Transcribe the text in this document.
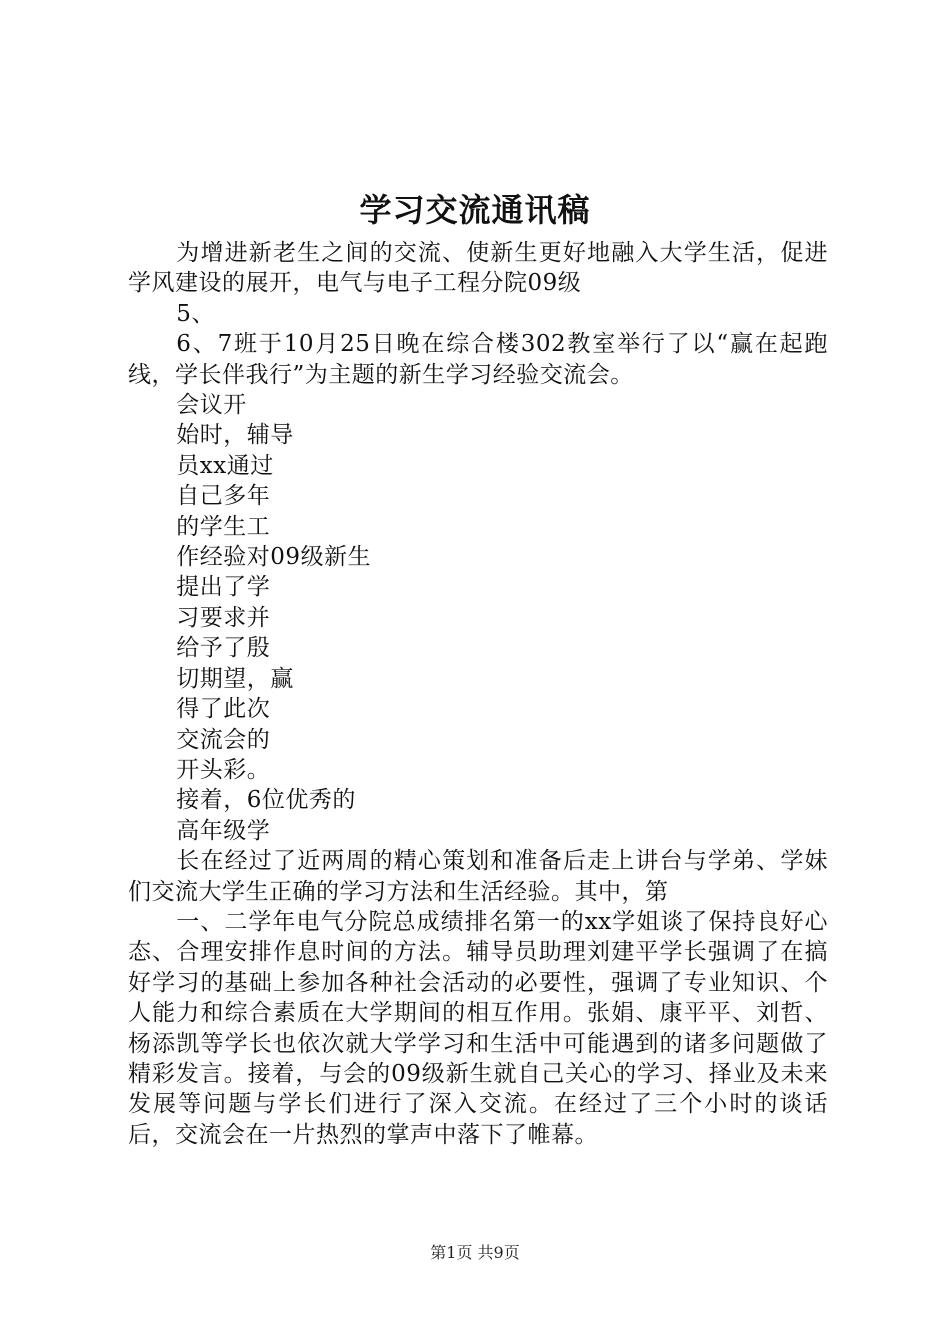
学习交流通讯稿

为增进新老生之间的交流、使新生更好地融入大学生活，促进学风建设的展开，电气与电子工程分院09级

5、

6、7班于10月25日晚在综合楼302教室举行了以“赢在起跑线，学长伴我行”为主题的新生学习经验交流会。

会议开

始时，辅导

员xx通过

自己多年

的学生工

作经验对09级新生

提出了学

习要求并

给予了殷

切期望，赢

得了此次

交流会的

开头彩。

接着，6位优秀的

高年级学

长在经过了近两周的精心策划和准备后走上讲台与学弟、学妹们交流大学生正确的学习方法和生活经验。其中，第

一、二学年电气分院总成绩排名第一的xx学姐谈了保持良好心态、合理安排作息时间的方法。辅导员助理刘建平学长强调了在搞好学习的基础上参加各种社会活动的必要性，强调了专业知识、个人能力和综合素质在大学期间的相互作用。张娟、康平平、刘哲、杨添凯等学长也依次就大学学习和生活中可能遇到的诸多问题做了精彩发言。接着，与会的09级新生就自己关心的学习、择业及未来发展等问题与学长们进行了深入交流。在经过了三个小时的谈话后，交流会在一片热烈的掌声中落下了帷幕。

第1页 共9页
